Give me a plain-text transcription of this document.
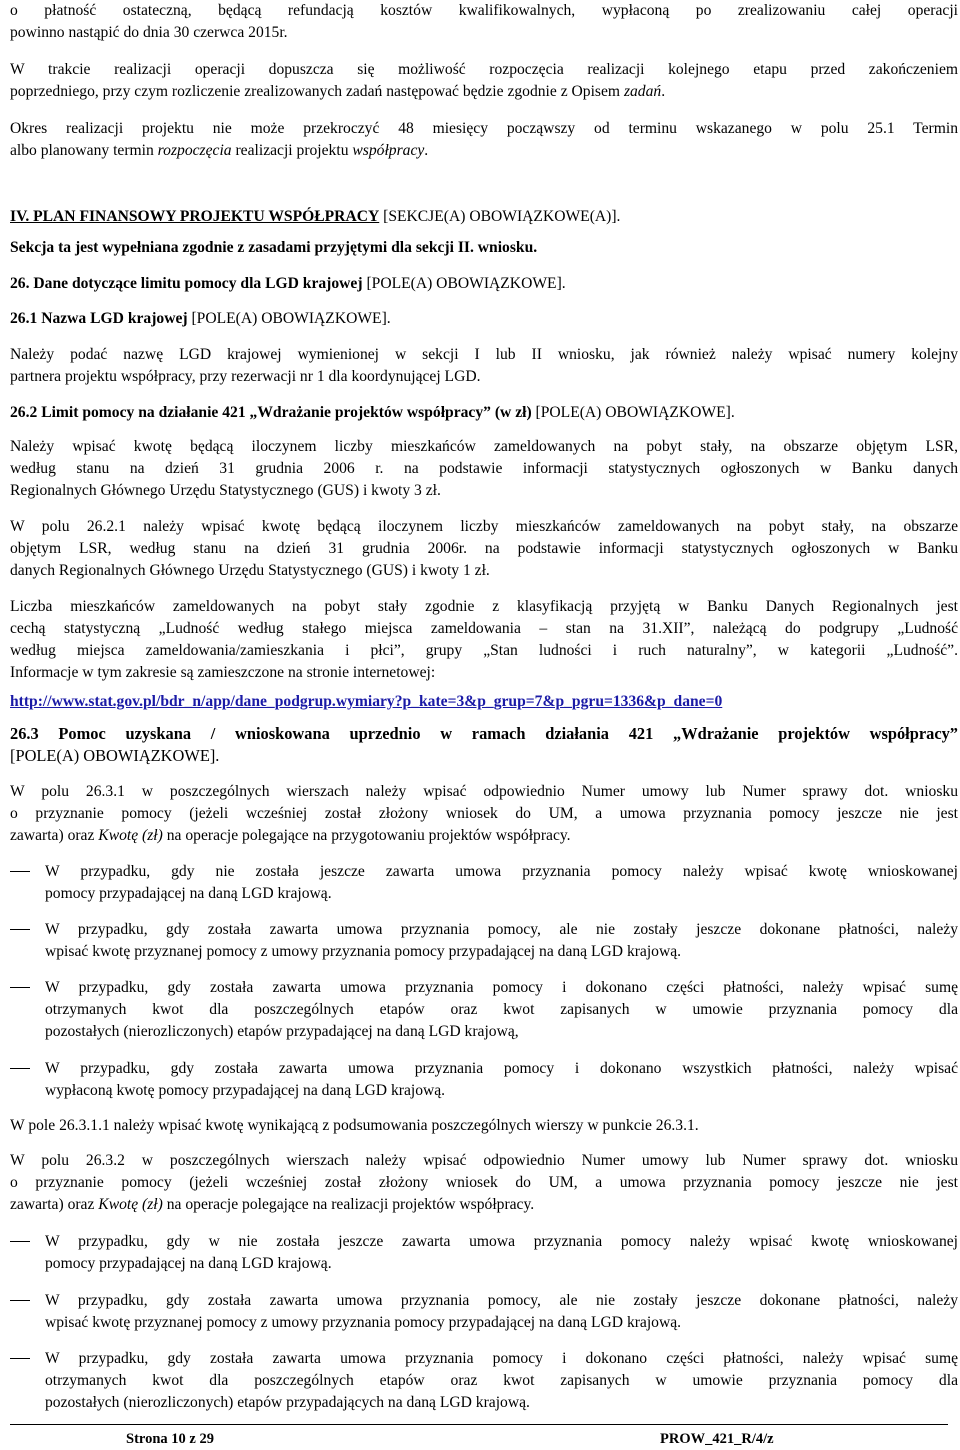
o płatność ostateczną, będącą refundacją kosztów kwalifikowalnych, wypłaconą po zrealizowaniu całej operacji
powinno nastąpić do dnia 30 czerwca 2015r.
W trakcie realizacji operacji dopuszcza się możliwość rozpoczęcia realizacji kolejnego etapu przed zakończeniem
poprzedniego, przy czym rozliczenie zrealizowanych zadań następować będzie zgodnie z Opisem zadań.
Okres realizacji projektu nie może przekroczyć 48 miesięcy począwszy od terminu wskazanego w polu 25.1 Termin
albo planowany termin rozpoczęcia realizacji projektu współpracy.
IV. PLAN FINANSOWY PROJEKTU WSPÓŁPRACY [SEKCJE(A) OBOWIĄZKOWE(A)].
Sekcja ta jest wypełniana zgodnie z zasadami przyjętymi dla sekcji II. wniosku.
26. Dane dotyczące limitu pomocy dla LGD krajowej [POLE(A) OBOWIĄZKOWE].
26.1 Nazwa LGD krajowej [POLE(A) OBOWIĄZKOWE].
Należy podać nazwę LGD krajowej wymienionej w sekcji I lub II wniosku, jak również należy wpisać numery kolejny
partnera projektu współpracy, przy rezerwacji nr 1 dla koordynującej LGD.
26.2 Limit pomocy na działanie 421 „Wdrażanie projektów współpracy” (w zł) [POLE(A) OBOWIĄZKOWE].
Należy wpisać kwotę będącą iloczynem liczby mieszkańców zameldowanych na pobyt stały, na obszarze objętym LSR,
według stanu na dzień 31 grudnia 2006 r. na podstawie informacji statystycznych ogłoszonych w Banku danych
Regionalnych Głównego Urzędu Statystycznego (GUS) i kwoty 3 zł.
W polu 26.2.1 należy wpisać kwotę będącą iloczynem liczby mieszkańców zameldowanych na pobyt stały, na obszarze
objętym LSR, według stanu na dzień 31 grudnia 2006r. na podstawie informacji statystycznych ogłoszonych w Banku
danych Regionalnych Głównego Urzędu Statystycznego (GUS) i kwoty 1 zł.
Liczba mieszkańców zameldowanych na pobyt stały zgodnie z klasyfikacją przyjętą w Banku Danych Regionalnych jest
cechą statystyczną „Ludność według stałego miejsca zameldowania – stan na 31.XII”, należącą do podgrupy „Ludność
według miejsca zameldowania/zamieszkania i płci”, grupy „Stan ludności i ruch naturalny”, w kategorii „Ludność”.
Informacje w tym zakresie są zamieszczone na stronie internetowej:
http://www.stat.gov.pl/bdr_n/app/dane_podgrup.wymiary?p_kate=3&p_grup=7&p_pgru=1336&p_dane=0
26.3 Pomoc uzyskana / wnioskowana uprzednio w ramach działania 421 „Wdrażanie projektów współpracy”
[POLE(A) OBOWIĄZKOWE].
W polu 26.3.1 w poszczególnych wierszach należy wpisać odpowiednio Numer umowy lub Numer sprawy dot. wniosku
o przyznanie pomocy (jeżeli wcześniej został złożony wniosek do UM, a umowa przyznania pomocy jeszcze nie jest
zawarta) oraz Kwotę (zł) na operacje polegające na przygotowaniu projektów współpracy.
W przypadku, gdy nie została jeszcze zawarta umowa przyznania pomocy należy wpisać kwotę wnioskowanej
pomocy przypadającej na daną LGD krajową.
W przypadku, gdy została zawarta umowa przyznania pomocy, ale nie zostały jeszcze dokonane płatności, należy
wpisać kwotę przyznanej pomocy z umowy przyznania pomocy przypadającej na daną LGD krajową.
W przypadku, gdy została zawarta umowa przyznania pomocy i dokonano części płatności, należy wpisać sumę
otrzymanych kwot dla poszczególnych etapów oraz kwot zapisanych w umowie przyznania pomocy dla
pozostałych (nierozliczonych) etapów przypadającej na daną LGD krajową,
W przypadku, gdy została zawarta umowa przyznania pomocy i dokonano wszystkich płatności, należy wpisać
wypłaconą kwotę pomocy przypadającej na daną LGD krajową.
W pole 26.3.1.1 należy wpisać kwotę wynikającą z podsumowania poszczególnych wierszy w punkcie 26.3.1.
W polu 26.3.2 w poszczególnych wierszach należy wpisać odpowiednio Numer umowy lub Numer sprawy dot. wniosku
o przyznanie pomocy (jeżeli wcześniej został złożony wniosek do UM, a umowa przyznania pomocy jeszcze nie jest
zawarta) oraz Kwotę (zł) na operacje polegające na realizacji projektów współpracy.
W przypadku, gdy w nie została jeszcze zawarta umowa przyznania pomocy należy wpisać kwotę wnioskowanej
pomocy przypadającej na daną LGD krajową.
W przypadku, gdy została zawarta umowa przyznania pomocy, ale nie zostały jeszcze dokonane płatności, należy
wpisać kwotę przyznanej pomocy z umowy przyznania pomocy przypadającej na daną LGD krajową.
W przypadku, gdy została zawarta umowa przyznania pomocy i dokonano części płatności, należy wpisać sumę
otrzymanych kwot dla poszczególnych etapów oraz kwot zapisanych w umowie przyznania pomocy dla
pozostałych (nierozliczonych) etapów przypadających na daną LGD krajową.
Strona 10 z 29	PROW_421_R/4/z
